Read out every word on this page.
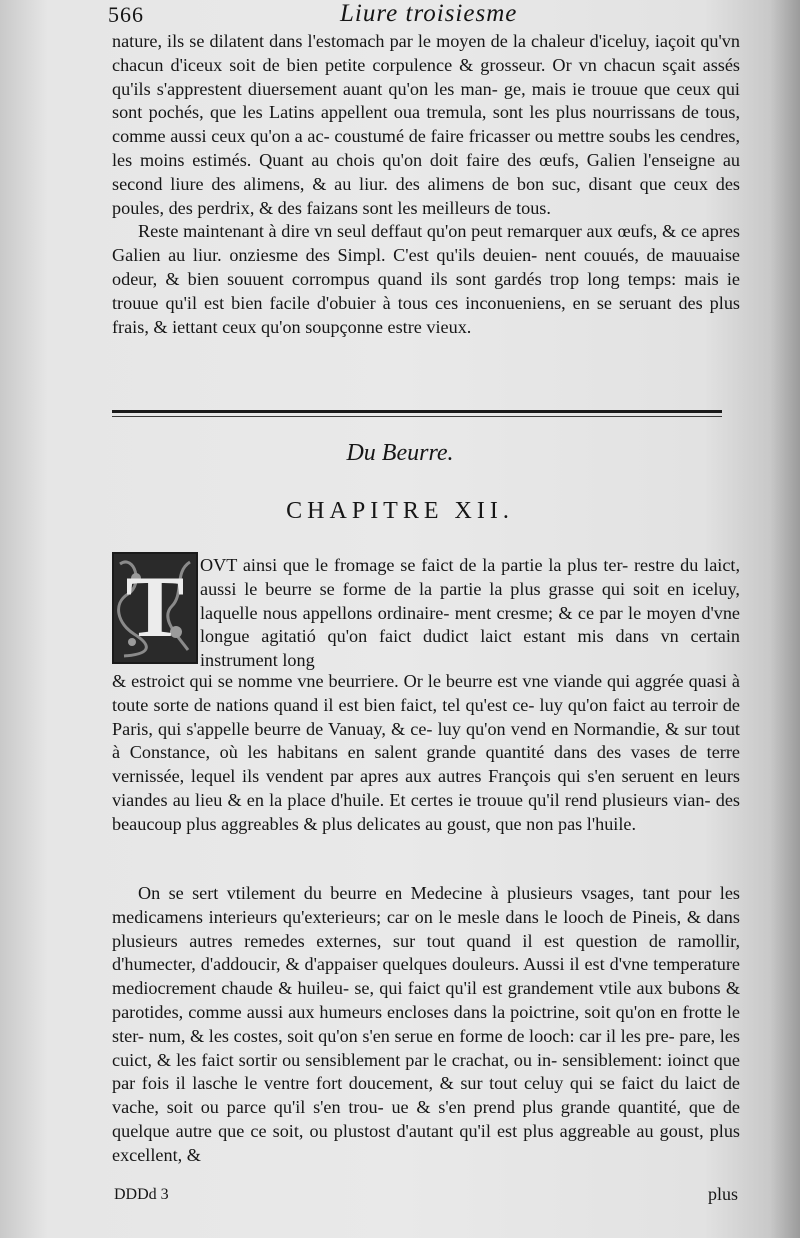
566	Liure troisiesme

nature, ils se dilatent dans l'estomach par le moyen de la chaleur d'iceluy, iaçoit qu'vn chacun d'iceux soit de bien petite corpulence & grosseur. Or vn chacun sçait assés qu'ils s'apprestent diuersement auant qu'on les man- ge, mais ie trouue que ceux qui sont pochés, que les Latins appellent oua tremula, sont les plus nourrissans de tous, comme aussi ceux qu'on a ac- coustumé de faire fricasser ou mettre soubs les cendres, les moins estimés. Quant au chois qu'on doit faire des œufs, Galien l'enseigne au second liure des alimens, & au liur. des alimens de bon suc, disant que ceux des poules, des perdrix, & des faizans sont les meilleurs de tous.

Reste maintenant à dire vn seul deffaut qu'on peut remarquer aux œufs, & ce apres Galien au liur. onziesme des Simpl. C'est qu'ils deuien- nent couués, de mauuaise odeur, & bien souuent corrompus quand ils sont gardés trop long temps: mais ie trouue qu'il est bien facile d'obuier à tous ces inconueniens, en se seruant des plus frais, & iettant ceux qu'on soupçonne estre vieux.

Du Beurre.
CHAPITRE XII.
T OVT ainsi que le fromage se faict de la partie la plus ter- restre du laict, aussi le beurre se forme de la partie la plus grasse qui soit en iceluy, laquelle nous appellons ordinaire- ment cresme; & ce par le moyen d'vne longue agitatió qu'on faict dudict laict estant mis dans vn certain instrument long

& estroict qui se nomme vne beurriere. Or le beurre est vne viande qui aggrée quasi à toute sorte de nations quand il est bien faict, tel qu'est ce- luy qu'on faict au terroir de Paris, qui s'appelle beurre de Vanuay, & ce- luy qu'on vend en Normandie, & sur tout à Constance, où les habitans en salent grande quantité dans des vases de terre vernissée, lequel ils vendent par apres aux autres François qui s'en seruent en leurs viandes au lieu & en la place d'huile. Et certes ie trouue qu'il rend plusieurs vian- des beaucoup plus aggreables & plus delicates au goust, que non pas l'huile.

On se sert vtilement du beurre en Medecine à plusieurs vsages, tant pour les medicamens interieurs qu'exterieurs; car on le mesle dans le looch de Pineis, & dans plusieurs autres remedes externes, sur tout quand il est question de ramollir, d'humecter, d'addoucir, & d'appaiser quelques douleurs. Aussi il est d'vne temperature mediocrement chaude & huileu- se, qui faict qu'il est grandement vtile aux bubons & parotides, comme aussi aux humeurs encloses dans la poictrine, soit qu'on en frotte le ster- num, & les costes, soit qu'on s'en serue en forme de looch: car il les pre- pare, les cuict, & les faict sortir ou sensiblement par le crachat, ou in- sensiblement: ioinct que par fois il lasche le ventre fort doucement, & sur tout celuy qui se faict du laict de vache, soit ou parce qu'il s'en trou- ue & s'en prend plus grande quantité, que de quelque autre que ce soit, ou plustost d'autant qu'il est plus aggreable au goust, plus excellent, &

DDDd 3	plus
